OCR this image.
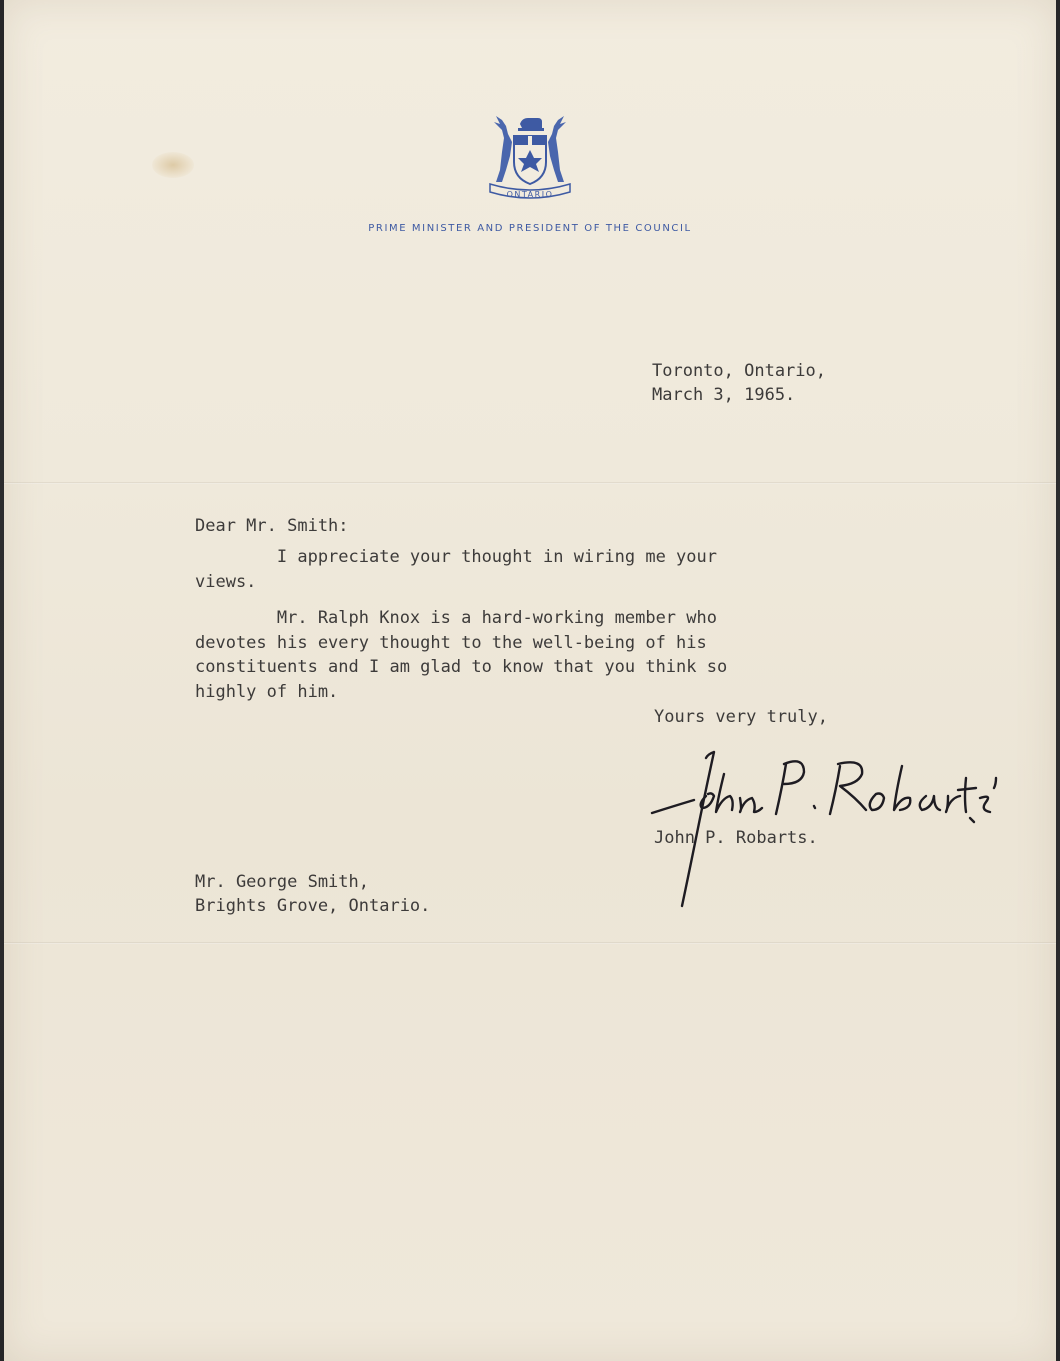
ONTARIO
PRIME MINISTER AND PRESIDENT OF THE COUNCIL
Toronto, Ontario,
March 3, 1965.
Dear Mr. Smith:
I appreciate your thought in wiring me your
views.
Mr. Ralph Knox is a hard-working member who
devotes his every thought to the well-being of his
constituents and I am glad to know that you think so
highly of him.
Yours very truly,
John P. Robarts.
Mr. George Smith,
Brights Grove, Ontario.
